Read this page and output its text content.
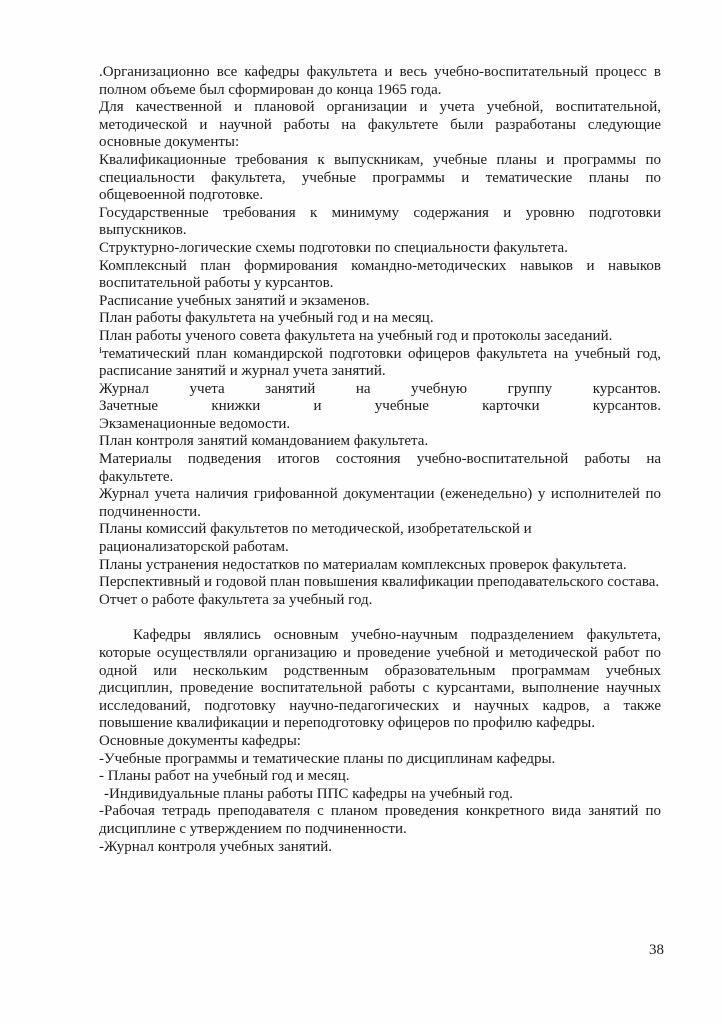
.Организационно все кафедры факультета и весь учебно-воспитательный процесс в полном объеме был сформирован до конца 1965 года.

Для качественной и плановой организации и учета учебной, воспитательной, методической и научной работы на факультете были разработаны следующие основные документы:

Квалификационные требования к выпускникам, учебные планы и программы по специальности факультета, учебные программы и тематические планы по общевоенной подготовке.

Государственные требования к минимуму содержания и уровню подготовки выпускников.

Структурно-логические схемы подготовки по специальности факультета.

Комплексный план формирования командно-методических навыков и навыков воспитательной работы у курсантов.

Расписание учебных занятий и экзаменов.

План работы факультета на учебный год и на месяц.

План работы ученого совета факультета на учебный год и протоколы заседаний.

ⁱтематический план командирской подготовки офицеров факультета на учебный год, расписание занятий и журнал учета занятий.

Журнал учета занятий на учебную группу курсантов.

Зачетные книжки и учебные карточки курсантов.

Экзаменационные ведомости.

План контроля занятий командованием факультета.

Материалы подведения итогов состояния учебно-воспитательной работы на факультете.

Журнал учета наличия грифованной документации (еженедельно) у исполнителей по подчиненности.

Планы комиссий факультетов по методической, изобретательской и

рационализаторской работам.

Планы устранения недостатков по материалам комплексных проверок факультета.

Перспективный и годовой план повышения квалификации преподавательского состава.

Отчет о работе факультета за учебный год.

Кафедры являлись основным учебно-научным подразделением факультета, которые осуществляли организацию и проведение учебной и методической работ по одной или нескольким родственным образовательным программам учебных дисциплин, проведение воспитательной работы с курсантами, выполнение научных исследований, подготовку научно-педагогических и научных кадров, а также повышение квалификации и переподготовку офицеров по профилю кафедры.

Основные документы кафедры:

-Учебные программы и тематические планы по дисциплинам кафедры.

- Планы работ на учебный год и месяц.

-Индивидуальные планы работы ППС кафедры на учебный год.

-Рабочая тетрадь преподавателя с планом проведения конкретного вида занятий по дисциплине с утверждением по подчиненности.

-Журнал контроля учебных занятий.

38
